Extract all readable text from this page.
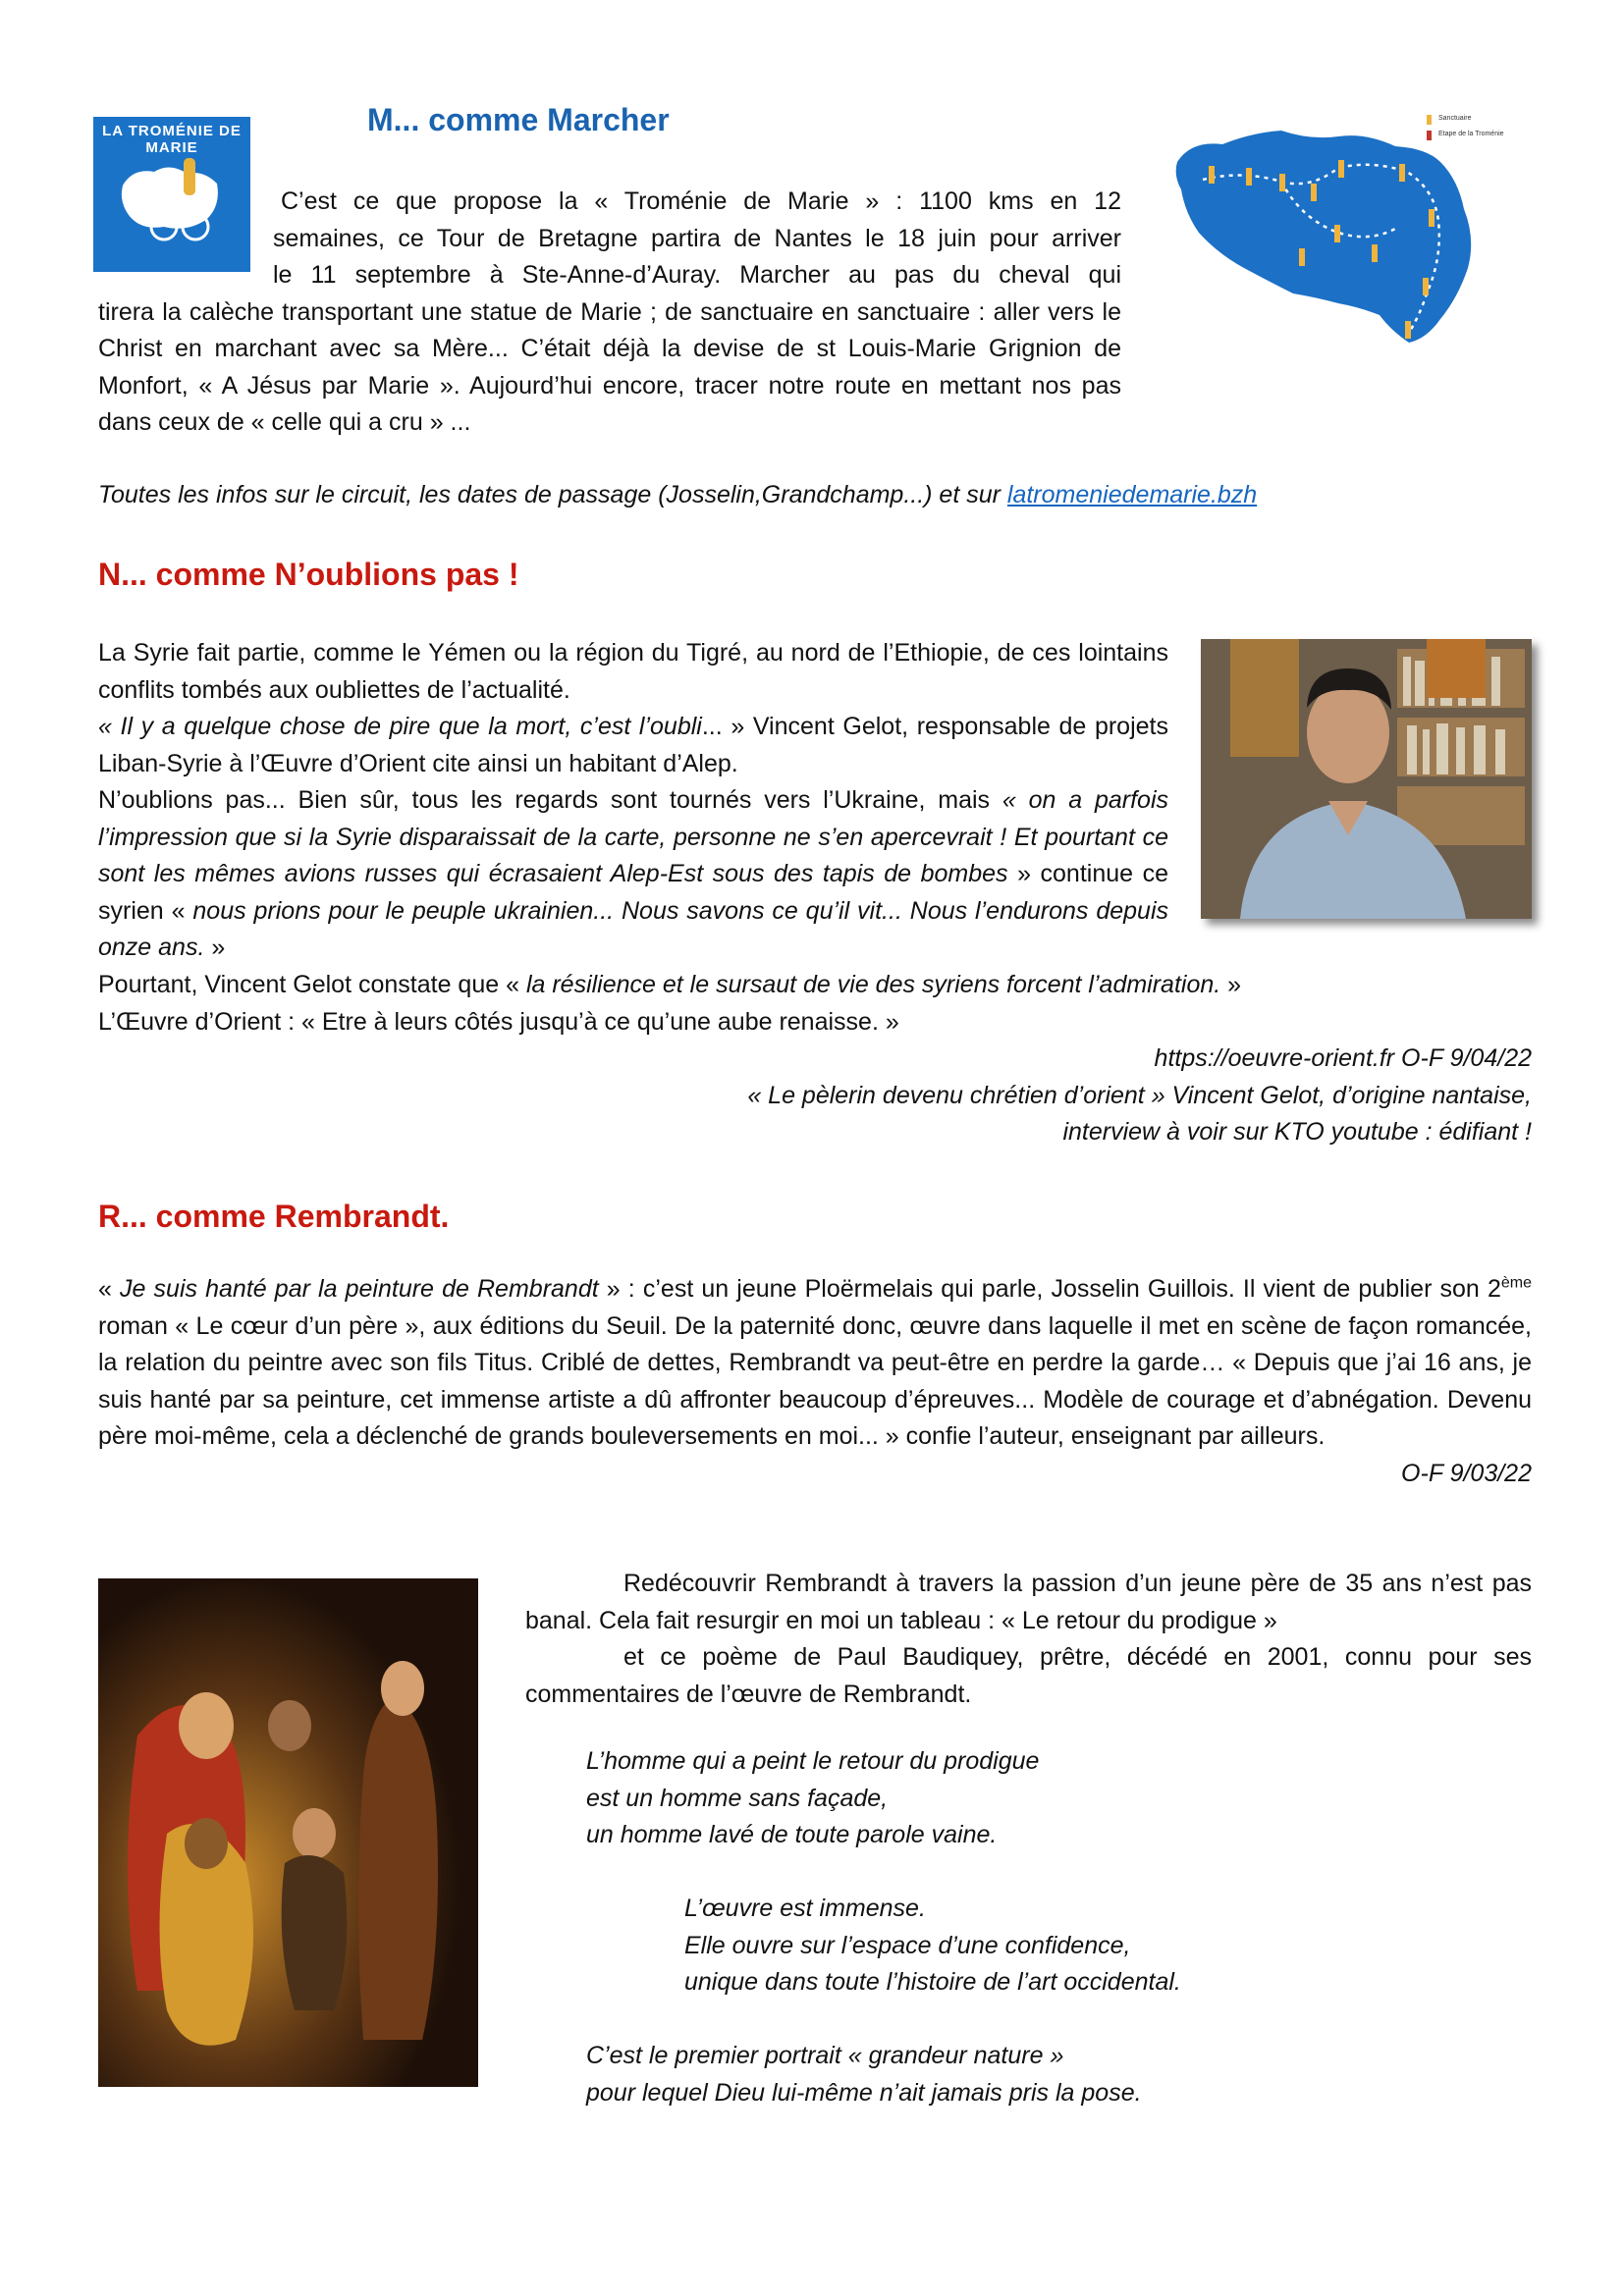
LA TROMÉNIE DE MARIE
M... comme Marcher	Sanctuaire
Etape de la Troménie

C’est ce que propose la « Troménie de Marie » : 1100 kms en 12

semaines, ce Tour de Bretagne partira de Nantes le 18 juin pour arriver

le 11 septembre à Ste-Anne-d’Auray. Marcher au pas du cheval qui

tirera la calèche transportant une statue de Marie ; de sanctuaire en sanctuaire : aller vers le Christ en marchant avec sa Mère... C’était déjà la devise de st Louis-Marie Grignion de Monfort, « A Jésus par Marie ». Aujourd’hui encore, tracer notre route en mettant nos pas dans ceux de « celle qui a cru » ...

Toutes les infos sur le circuit, les dates de passage (Josselin,Grandchamp...) et sur latromeniedemarie.bzh

N... comme N’oublions pas !

La Syrie fait partie, comme le Yémen ou la région du Tigré, au nord de l’Ethiopie, de ces lointains conflits tombés aux oubliettes de l’actualité.

« Il y a quelque chose de pire que la mort, c’est l’oubli... » Vincent Gelot, responsable de projets Liban-Syrie à l’Œuvre d’Orient cite ainsi un habitant d’Alep.

N’oublions pas... Bien sûr, tous les regards sont tournés vers l’Ukraine, mais « on a parfois l’impression que si la Syrie disparaissait de la carte, personne ne s’en apercevrait ! Et pourtant ce sont les mêmes avions russes qui écrasaient Alep-Est sous des tapis de bombes » continue ce syrien « nous prions pour le peuple ukrainien... Nous savons ce qu’il vit... Nous l’endurons depuis onze ans. »

Pourtant, Vincent Gelot constate que « la résilience et le sursaut de vie des syriens forcent l’admiration. »

L’Œuvre d’Orient : « Etre à leurs côtés jusqu’à ce qu’une aube renaisse. »

https://oeuvre-orient.fr O-F 9/04/22

« Le pèlerin devenu chrétien d’orient » Vincent Gelot, d’origine nantaise,

interview à voir sur KTO youtube : édifiant !

R... comme Rembrandt.

« Je suis hanté par la peinture de Rembrandt » : c’est un jeune Ploërmelais qui parle, Josselin Guillois. Il vient de publier son 2ème roman « Le cœur d’un père », aux éditions du Seuil. De la paternité donc, œuvre dans laquelle il met en scène de façon romancée, la relation du peintre avec son fils Titus. Criblé de dettes, Rembrandt va peut-être en perdre la garde… « Depuis que j’ai 16 ans, je suis hanté par sa peinture, cet immense artiste a dû affronter beaucoup d’épreuves... Modèle de courage et d’abnégation. Devenu père moi-même, cela a déclenché de grands bouleversements en moi... » confie l’auteur, enseignant par ailleurs.

O-F 9/03/22

Redécouvrir Rembrandt à travers la passion d’un jeune père de 35 ans n’est pas banal. Cela fait resurgir en moi un tableau : « Le retour du prodigue »

et ce poème de Paul Baudiquey, prêtre, décédé en 2001, connu pour ses commentaires de l’œuvre de Rembrandt.

L’homme qui a peint le retour du prodigue

est un homme sans façade,

un homme lavé de toute parole vaine.

L’œuvre est immense.

Elle ouvre sur l’espace d’une confidence,

unique dans toute l’histoire de l’art occidental.

C’est le premier portrait « grandeur nature »

pour lequel Dieu lui-même n’ait jamais pris la pose.
